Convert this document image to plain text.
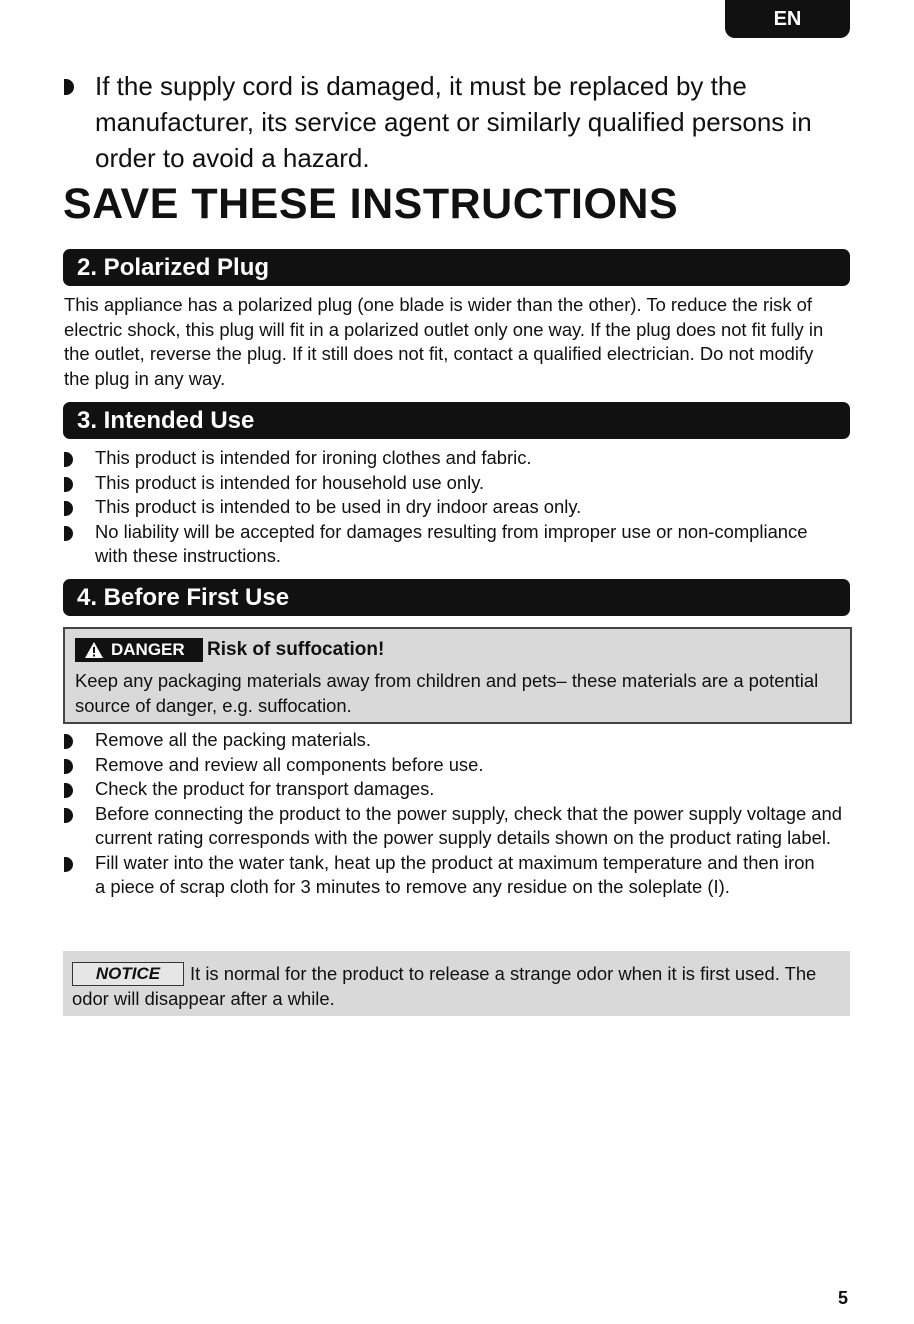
EN
If the supply cord is damaged, it must be replaced by the manufacturer, its service agent or similarly qualified persons in order to avoid a hazard.
SAVE THESE INSTRUCTIONS
2. Polarized Plug
This appliance has a polarized plug (one blade is wider than the other). To reduce the risk of electric shock, this plug will fit in a polarized outlet only one way. If the plug does not fit fully in the outlet, reverse the plug. If it still does not fit, contact a qualified electrician. Do not modify the plug in any way.
3. Intended Use
This product is intended for ironing clothes and fabric.
This product is intended for household use only.
This product is intended to be used in dry indoor areas only.
No liability will be accepted for damages resulting from improper use or non-compliance with these instructions.
4. Before First Use
DANGER	Risk of suffocation!
Keep any packaging materials away from children and pets– these materials are a potential source of danger, e.g. suffocation.
Remove all the packing materials.
Remove and review all components before use.
Check the product for transport damages.
Before connecting the product to the power supply, check that the power supply voltage and current rating corresponds with the power supply details shown on the product rating label.
Fill water into the water tank, heat up the product at maximum temperature and then iron a piece of scrap cloth for 3 minutes to remove any residue on the soleplate (I).
NOTICE It is normal for the product to release a strange odor when it is first used. The odor will disappear after a while.
5
